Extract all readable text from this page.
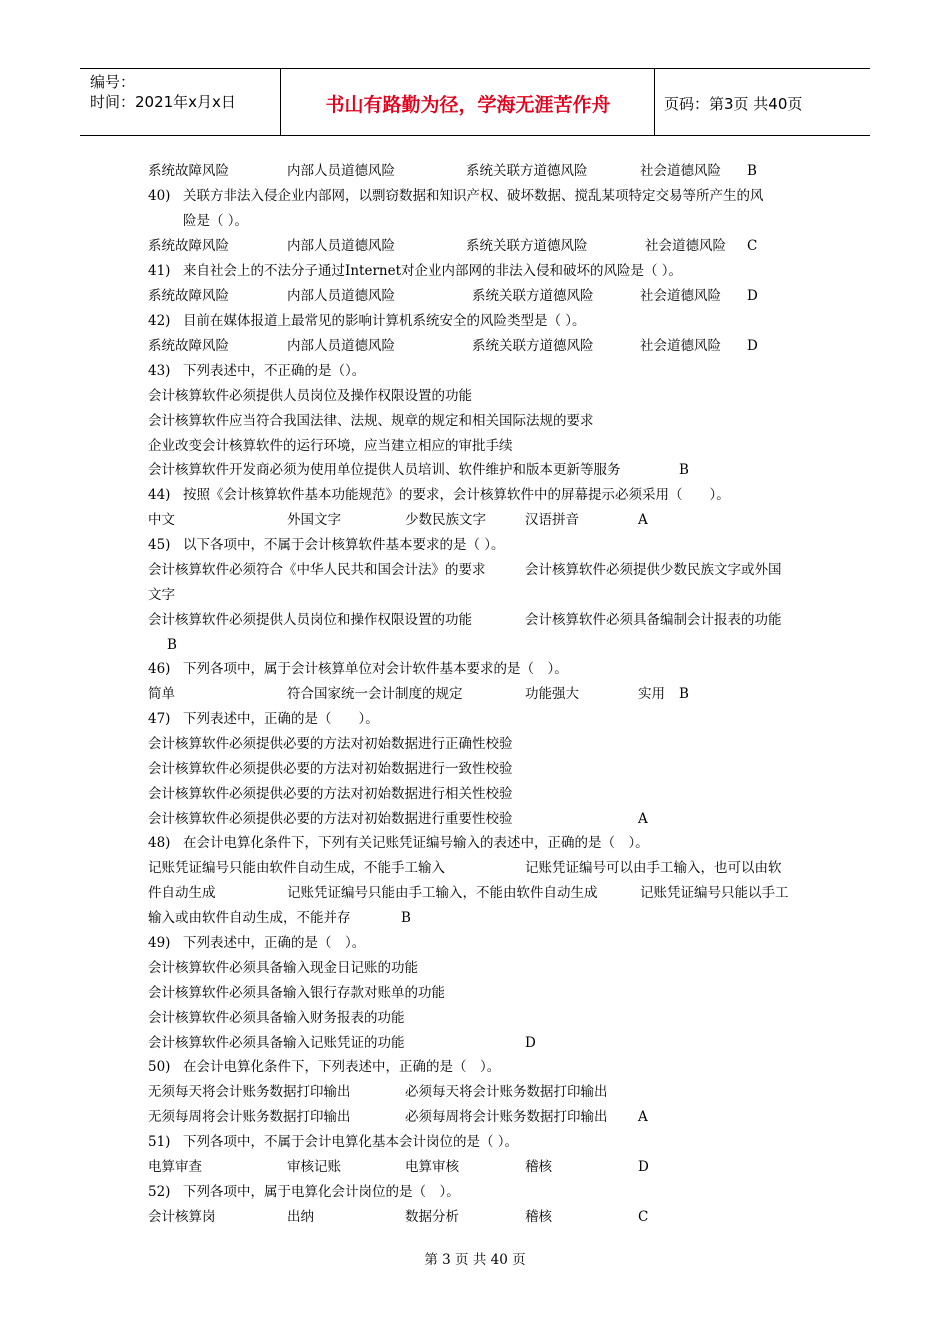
编号：
时间：2021年x月x日	书山有路勤为径，学海无涯苦作舟	页码：第3页 共40页
系统故障风险	内部人员道德风险	系统关联方道德风险	社会道德风险 B
40) 关联方非法入侵企业内部网，以剽窃数据和知识产权、破坏数据、搅乱某项特定交易等所产生的风
险是（ ）。
系统故障风险	内部人员道德风险	系统关联方道德风险	社会道德风险 C
41) 来自社会上的不法分子通过Internet对企业内部网的非法入侵和破坏的风险是（ ）。
系统故障风险	内部人员道德风险	系统关联方道德风险	社会道德风险 D
42) 目前在媒体报道上最常见的影响计算机系统安全的风险类型是（ ）。
系统故障风险	内部人员道德风险	系统关联方道德风险	社会道德风险 D
43) 下列表述中，不正确的是（）。
会计核算软件必须提供人员岗位及操作权限设置的功能
会计核算软件应当符合我国法律、法规、规章的规定和相关国际法规的要求
企业改变会计核算软件的运行环境，应当建立相应的审批手续
会计核算软件开发商必须为使用单位提供人员培训、软件维护和版本更新等服务	B
44) 按照《会计核算软件基本功能规范》的要求，会计核算软件中的屏幕提示必须采用（　　）。
中文	外国文字	少数民族文字	汉语拼音	A
45) 以下各项中，不属于会计核算软件基本要求的是（ ）。
会计核算软件必须符合《中华人民共和国会计法》的要求	会计核算软件必须提供少数民族文字或外国
文字
会计核算软件必须提供人员岗位和操作权限设置的功能	会计核算软件必须具备编制会计报表的功能
B
46) 下列各项中，属于会计核算单位对会计软件基本要求的是（　）。
简单	符合国家统一会计制度的规定	功能强大	实用 B
47) 下列表述中，正确的是（　　）。
会计核算软件必须提供必要的方法对初始数据进行正确性校验
会计核算软件必须提供必要的方法对初始数据进行一致性校验
会计核算软件必须提供必要的方法对初始数据进行相关性校验
会计核算软件必须提供必要的方法对初始数据进行重要性校验	A
48) 在会计电算化条件下，下列有关记账凭证编号输入的表述中，正确的是（　）。
记账凭证编号只能由软件自动生成，不能手工输入	记账凭证编号可以由手工输入，也可以由软
件自动生成	记账凭证编号只能由手工输入，不能由软件自动生成	记账凭证编号只能以手工
输入或由软件自动生成，不能并存	B
49) 下列表述中，正确的是（　）。
会计核算软件必须具备输入现金日记账的功能
会计核算软件必须具备输入银行存款对账单的功能
会计核算软件必须具备输入财务报表的功能
会计核算软件必须具备输入记账凭证的功能	D
50) 在会计电算化条件下，下列表述中，正确的是（　）。
无须每天将会计账务数据打印输出	必须每天将会计账务数据打印输出
无须每周将会计账务数据打印输出	必须每周将会计账务数据打印输出 A
51) 下列各项中，不属于会计电算化基本会计岗位的是（ ）。
电算审查	审核记账	电算审核	稽核	D
52) 下列各项中，属于电算化会计岗位的是（　）。
会计核算岗	出纳	数据分析	稽核	C
第 3 页 共 40 页
